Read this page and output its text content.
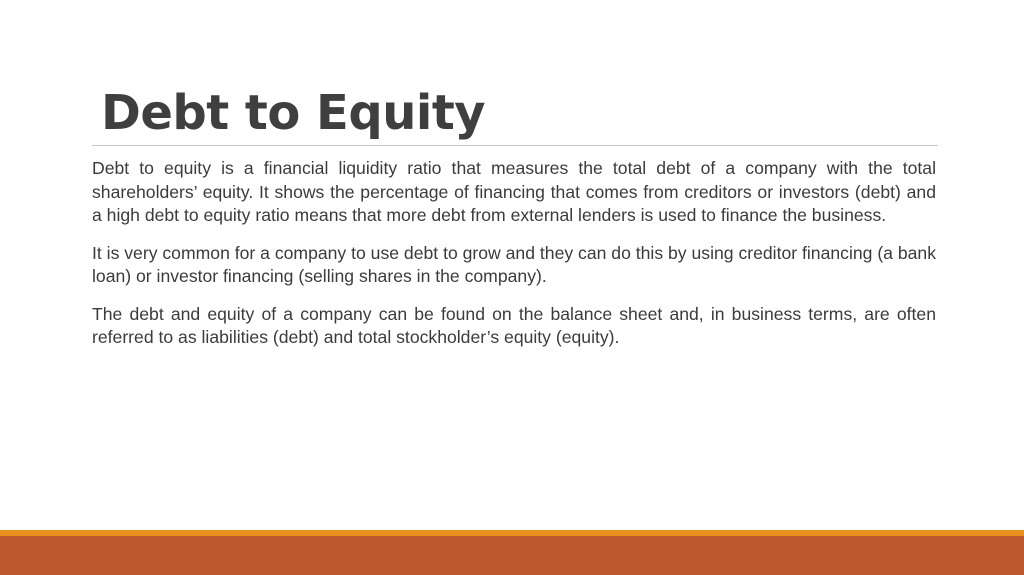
Debt to Equity

Debt to equity is a financial liquidity ratio that measures the total debt of a company with the total shareholders’ equity. It shows the percentage of financing that comes from creditors or investors (debt) and a high debt to equity ratio means that more debt from external lenders is used to finance the business.

It is very common for a company to use debt to grow and they can do this by using creditor financing (a bank loan) or investor financing (selling shares in the company).

The debt and equity of a company can be found on the balance sheet and, in business terms, are often referred to as liabilities (debt) and total stockholder’s equity (equity).
